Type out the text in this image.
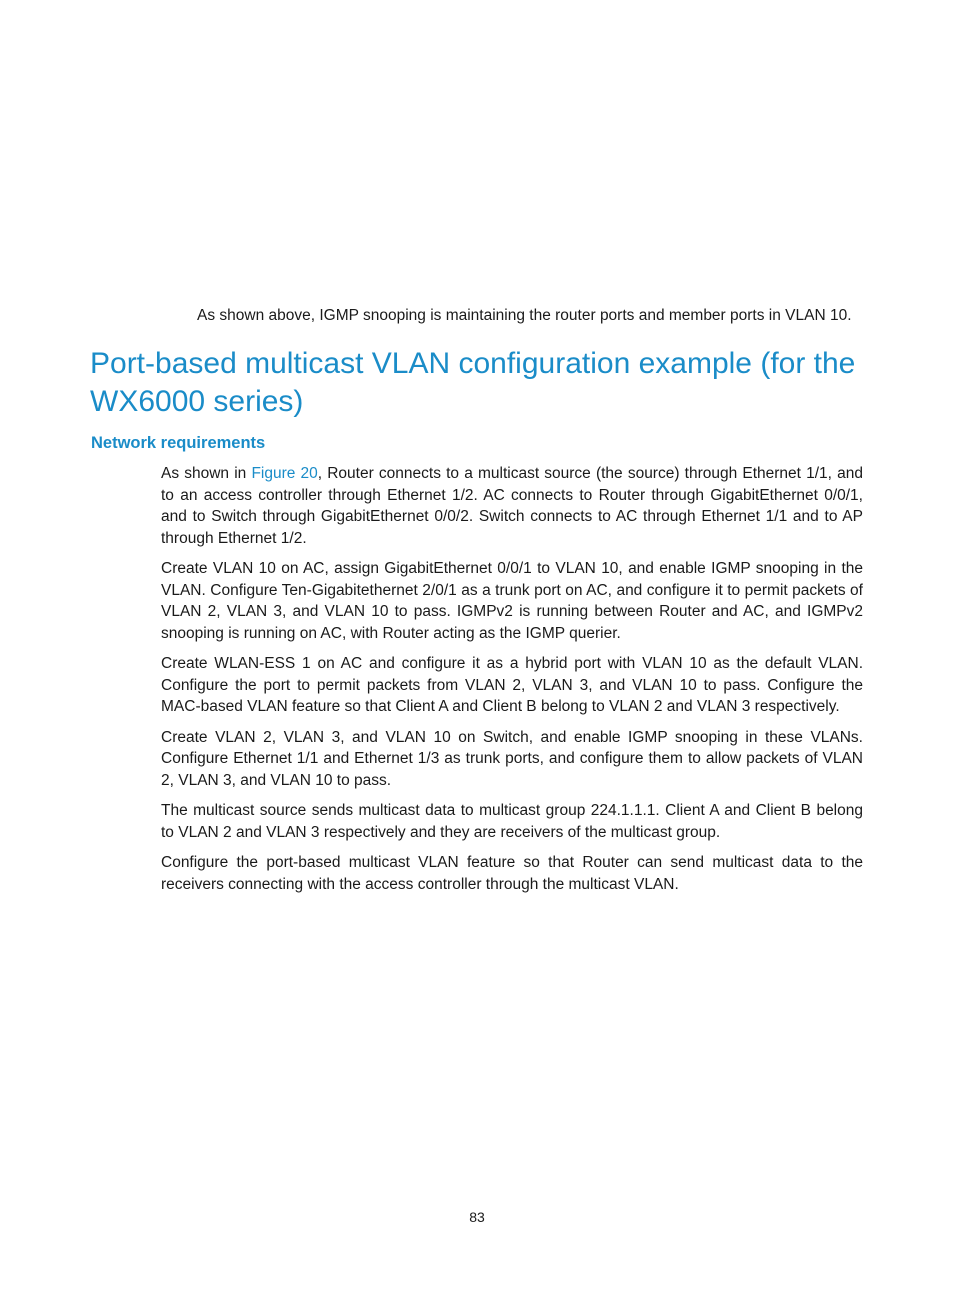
As shown above, IGMP snooping is maintaining the router ports and member ports in VLAN 10.
Port-based multicast VLAN configuration example (for the WX6000 series)
Network requirements

As shown in Figure 20, Router connects to a multicast source (the source) through Ethernet 1/1, and to an access controller through Ethernet 1/2. AC connects to Router through GigabitEthernet 0/0/1, and to Switch through GigabitEthernet 0/0/2. Switch connects to AC through Ethernet 1/1 and to AP through Ethernet 1/2.

Create VLAN 10 on AC, assign GigabitEthernet 0/0/1 to VLAN 10, and enable IGMP snooping in the VLAN. Configure Ten-Gigabitethernet 2/0/1 as a trunk port on AC, and configure it to permit packets of VLAN 2, VLAN 3, and VLAN 10 to pass. IGMPv2 is running between Router and AC, and IGMPv2 snooping is running on AC, with Router acting as the IGMP querier.

Create WLAN-ESS 1 on AC and configure it as a hybrid port with VLAN 10 as the default VLAN. Configure the port to permit packets from VLAN 2, VLAN 3, and VLAN 10 to pass. Configure the MAC-based VLAN feature so that Client A and Client B belong to VLAN 2 and VLAN 3 respectively.

Create VLAN 2, VLAN 3, and VLAN 10 on Switch, and enable IGMP snooping in these VLANs. Configure Ethernet 1/1 and Ethernet 1/3 as trunk ports, and configure them to allow packets of VLAN 2, VLAN 3, and VLAN 10 to pass.

The multicast source sends multicast data to multicast group 224.1.1.1. Client A and Client B belong to VLAN 2 and VLAN 3 respectively and they are receivers of the multicast group.

Configure the port-based multicast VLAN feature so that Router can send multicast data to the receivers connecting with the access controller through the multicast VLAN.

83
